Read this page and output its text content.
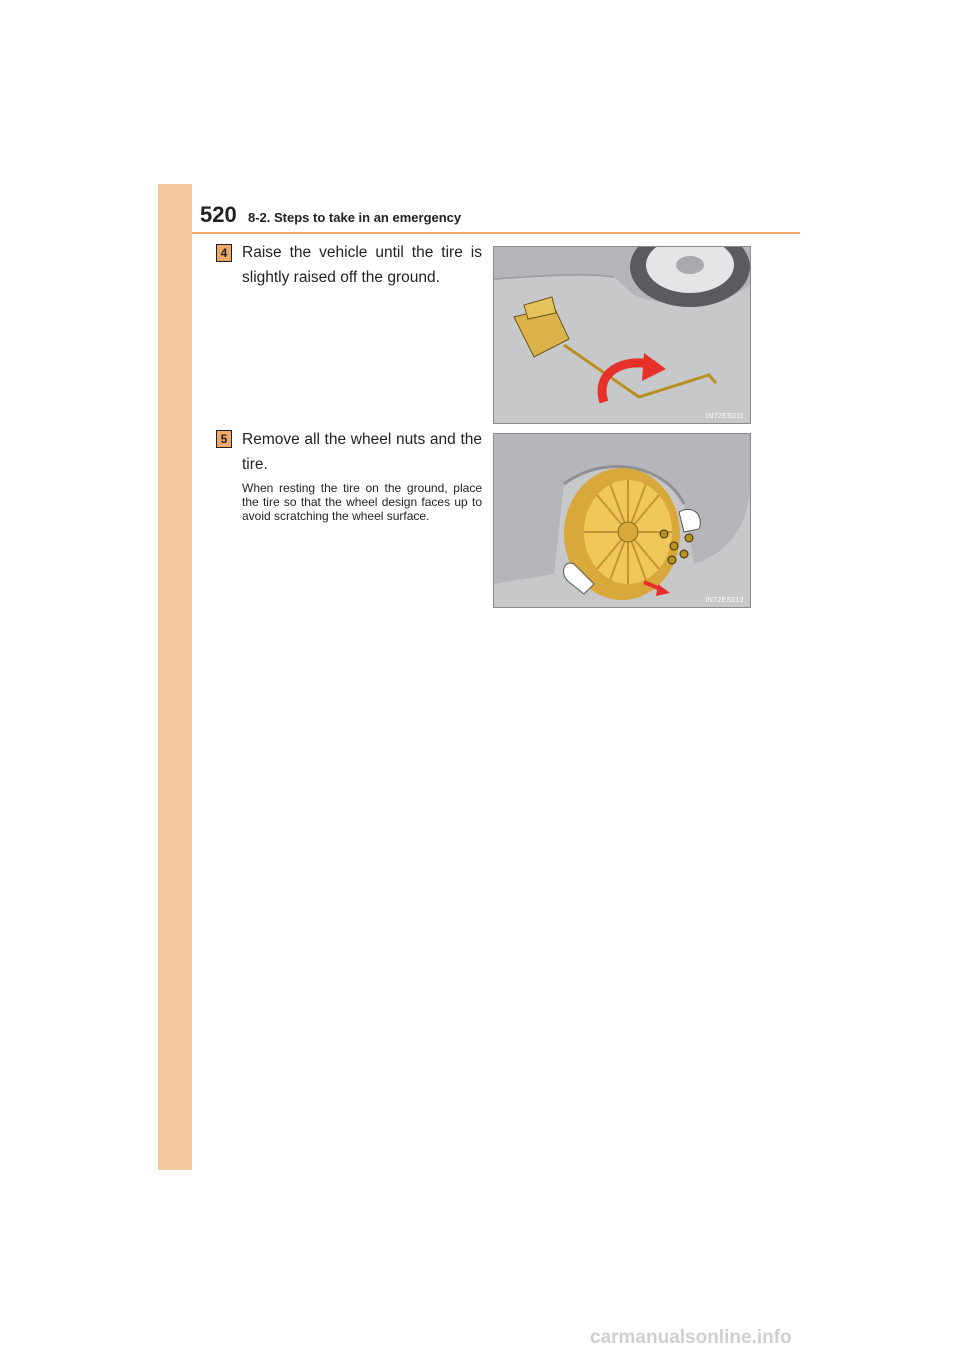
520 8-2. Steps to take in an emergency
4 Raise the vehicle until the tire is slightly raised off the ground.
IN72ES011
5 Remove all the wheel nuts and the tire.
When resting the tire on the ground, place the tire so that the wheel design faces up to avoid scratching the wheel surface.
IN72ES012
carmanualsonline.info
